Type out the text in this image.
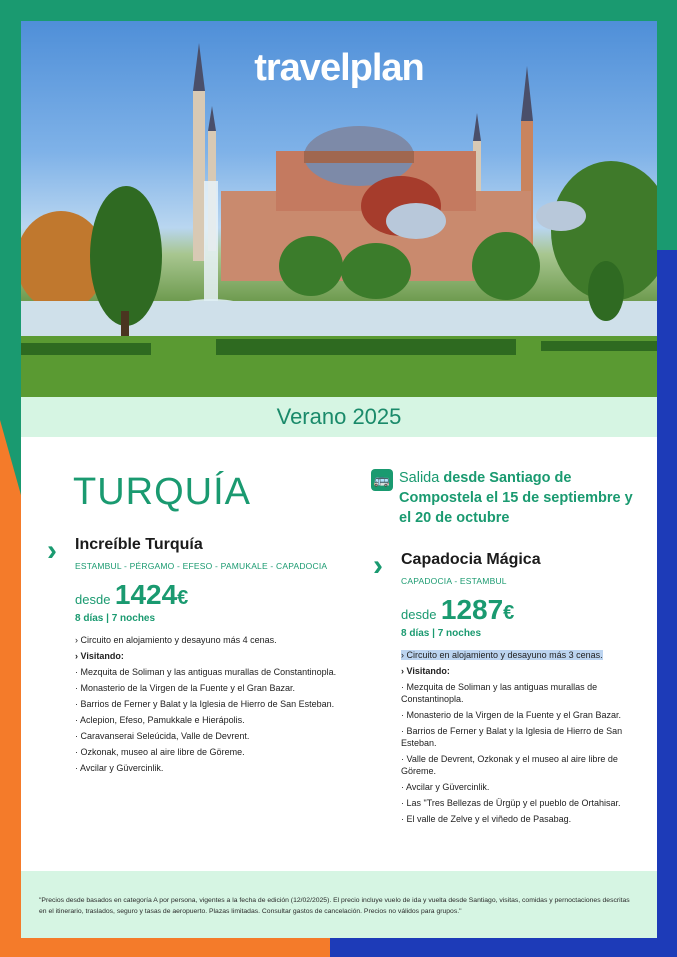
travelplan
Verano 2025
TURQUÍA	🚌 Salida desde Santiago de Compostela el 15 de septiembre y el 20 de octubre
› Increíble Turquía
ESTAMBUL - PÉRGAMO - EFESO - PAMUKALE - CAPADOCIA
desde 1424€
8 días | 7 noches
› Circuito en alojamiento y desayuno más 4 cenas.
› Visitando:
· Mezquita de Soliman y las antiguas murallas de Constantinopla.
· Monasterio de la Virgen de la Fuente y el Gran Bazar.
· Barrios de Ferner y Balat y la Iglesia de Hierro de San Esteban.
· Aclepion, Efeso, Pamukkale e Hierápolis.
· Caravanserai Seleúcida, Valle de Devrent.
· Ozkonak, museo al aire libre de Göreme.
· Avcilar y Güvercinlik.
› Capadocia Mágica
CAPADOCIA - ESTAMBUL
desde 1287€
8 días | 7 noches
› Circuito en alojamiento y desayuno más 3 cenas.
› Visitando:
· Mezquita de Soliman y las antiguas murallas de Constantinopla.
· Monasterio de la Virgen de la Fuente y el Gran Bazar.
· Barrios de Ferner y Balat y la Iglesia de Hierro de San Esteban.
· Valle de Devrent, Ozkonak y el museo al aire libre de Göreme.
· Avcilar y Güvercinlik.
· Las "Tres Bellezas de Ürgüp y el pueblo de Ortahisar.
· El valle de Zelve y el viñedo de Pasabag.

"Precios desde basados en categoría A por persona, vigentes a la fecha de edición (12/02/2025). El precio incluye vuelo de ida y vuelta desde Santiago, visitas, comidas y pernoctaciones descritas en el itinerario, traslados, seguro y tasas de aeropuerto. Plazas limitadas. Consultar gastos de cancelación. Precios no válidos para grupos."
